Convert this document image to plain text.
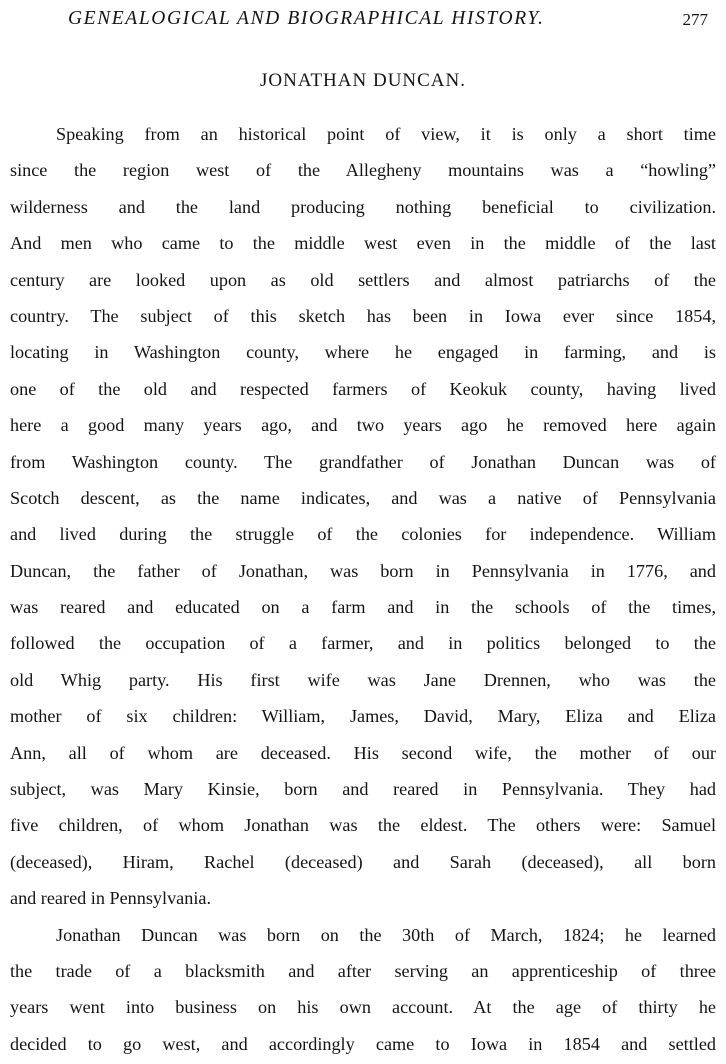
GENEALOGICAL AND BIOGRAPHICAL HISTORY.	277
JONATHAN DUNCAN.
Speaking from an historical point of view, it is only a short time
since the region west of the Allegheny mountains was a “howling”
wilderness and the land producing nothing beneficial to civilization.
And men who came to the middle west even in the middle of the last
century are looked upon as old settlers and almost patriarchs of the
country. The subject of this sketch has been in Iowa ever since 1854,
locating in Washington county, where he engaged in farming, and is
one of the old and respected farmers of Keokuk county, having lived
here a good many years ago, and two years ago he removed here again
from Washington county. The grandfather of Jonathan Duncan was of
Scotch descent, as the name indicates, and was a native of Pennsylvania
and lived during the struggle of the colonies for independence. William
Duncan, the father of Jonathan, was born in Pennsylvania in 1776, and
was reared and educated on a farm and in the schools of the times,
followed the occupation of a farmer, and in politics belonged to the
old Whig party. His first wife was Jane Drennen, who was the
mother of six children: William, James, David, Mary, Eliza and Eliza
Ann, all of whom are deceased. His second wife, the mother of our
subject, was Mary Kinsie, born and reared in Pennsylvania. They had
five children, of whom Jonathan was the eldest. The others were: Samuel
(deceased), Hiram, Rachel (deceased) and Sarah (deceased), all born
and reared in Pennsylvania.
Jonathan Duncan was born on the 30th of March, 1824; he learned
the trade of a blacksmith and after serving an apprenticeship of three
years went into business on his own account. At the age of thirty he
decided to go west, and accordingly came to Iowa in 1854 and settled
